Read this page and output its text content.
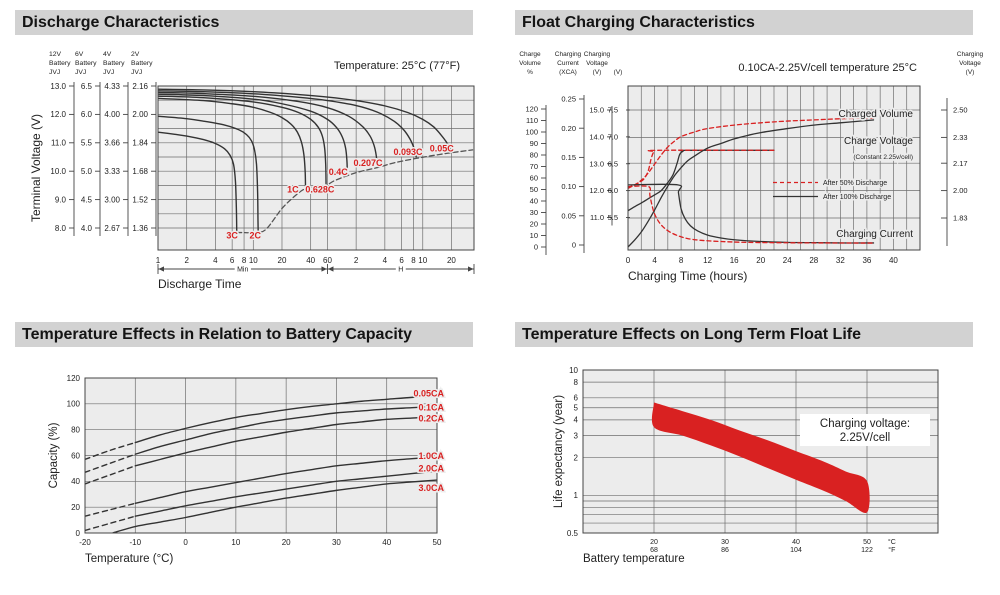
Discharge Characteristics
3C 2C
1C 0.628C
0.4C
0.207C
0.093C 0.05C
12V
Battery
JVJ
13.0
12.0
11.0
10.0
9.0
8.0
6V
Battery
JVJ
6.5
6.0
5.5
5.0
4.5
4.0
4V
Battery
JVJ
4.33
4.00
3.66
3.33
3.00
2.67
2V
Battery
JVJ
2.16
2.00
1.84
1.68
1.52
1.36
Terminal Voltage (V)
1	2	4 6 8 10 20 40 60	2	4 6 8 10 20
Min	H
Discharge Time
Temperature: 25°C (77°F)
Float Charging Characteristics
Charged Volume
Charge Voltage
(Constant 2.25v/cell)
Charging Current
After 50% Discharge
After 100% Discharge
Charge
Volume
%
0
10
20
30
40
50
60
70
80
90
100
110
120
Charging
Current
(XCA)
0
0.05
0.10
0.15
0.20
0.25
Charging
Voltage
(V)
11.0
12.0
13.0
14.0
15.0
(V)
5.5
6.0
6.5
7.0
7.5
Charging
Voltage
(V)
2.50
2.33
2.17
2.00
1.83
0	4	8 12 16 20 24 28 32 36 40
Charging Time (hours)
0.10CA-2.25V/cell temperature 25°C
Temperature Effects in Relation to Battery Capacity
0.05CA
0.1CA
0.2CA
1.0CA
2.0CA
3.0CA
0
20
40
60
80
100
120
-20	-10	0	10	20	30	40	50
Capacity (%)
Temperature (°C)
Temperature Effects on Long Term Float Life
Charging voltage:
2.25V/cell
10
8
6
5
4
3
2
1
0.5
20
68
30
86
40
104
50
122
°C
°F
Life expectancy (year)
Battery temperature
